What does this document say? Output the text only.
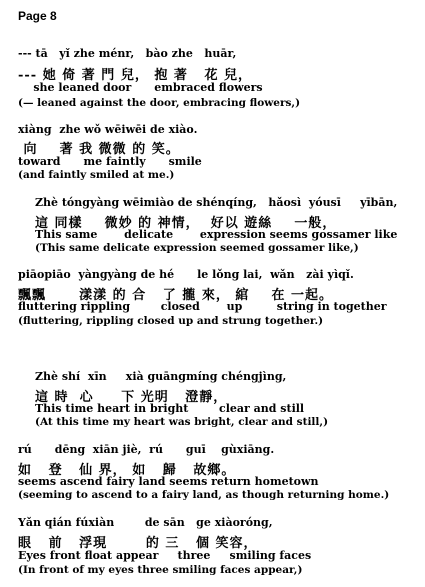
Page 8
--- tā   yǐ zhe ménr,   bào zhe   huār,
--- 她 倚 著 門 兒， 抱 著   花 兒，
she leaned door      embraced flowers
(— leaned against the door, embracing flowers,)
xiàng  zhe wǒ wēiwēi de xiào.
向    著 我 微微 的 笑。
toward      me faintly      smile
(and faintly smiled at me.)
Zhè tóngyàng wēimiào de shénqíng,   hǎosì  yóusī     yībān,
這 同樣    微妙 的 神情，  好以 遊絲    一般，
This same       delicate       expression seems gossamer like
(This same delicate expression seemed gossamer like,)
piāopiāo  yàngyàng de hé      le lǒng lai,  wǎn   zài yìqǐ.
飄飄      漾漾 的 合   了 攏 來， 綰    在 一起。
fluttering rippling        closed       up         string in together
(fluttering, rippling closed up and strung together.)
Zhè shí  xīn     xià guāngmíng chéngjìng,
這 時  心     下 光明   澄靜，
This time heart in bright        clear and still
(At this time my heart was bright, clear and still,)
rú      dēng  xiān jiè,  rú      guī    gùxiāng.
如   登   仙 界， 如   歸   故鄉。
seems ascend fairy land seems return hometown
(seeming to ascend to a fairy land, as though returning home.)
Yǎn qián fúxiàn        de sān   ge xiàoróng,
眼   前   浮現       的 三   個 笑容，
Eyes front float appear     three     smiling faces
(In front of my eyes three smiling faces appear,)
